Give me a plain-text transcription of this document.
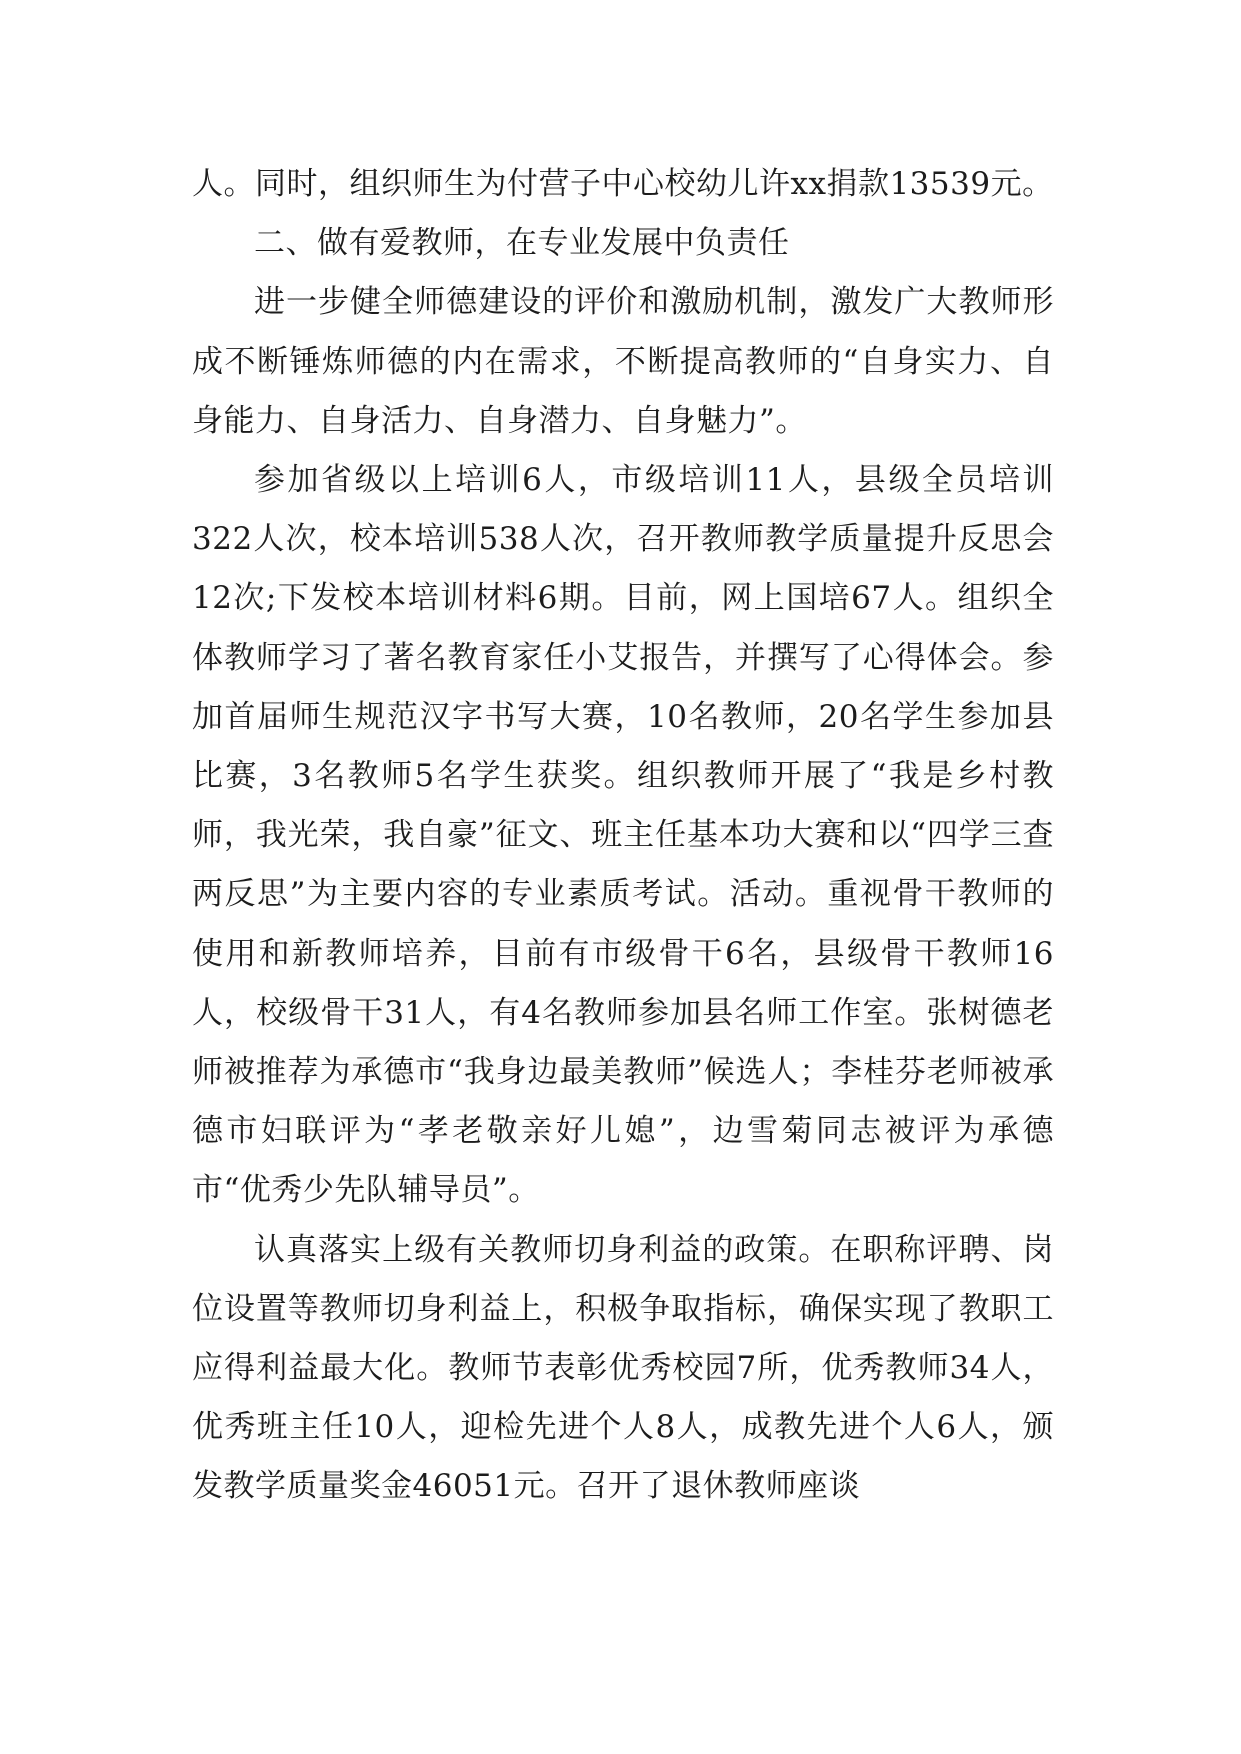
人。同时，组织师生为付营子中心校幼儿许xx捐款13539元。

二、做有爱教师，在专业发展中负责任

进一步健全师德建设的评价和激励机制，激发广大教师形成不断锤炼师德的内在需求，不断提高教师的“自身实力、自身能力、自身活力、自身潜力、自身魅力”。

参加省级以上培训6人，市级培训11人，县级全员培训322人次，校本培训538人次，召开教师教学质量提升反思会12次;下发校本培训材料6期。目前，网上国培67人。组织全体教师学习了著名教育家任小艾报告，并撰写了心得体会。参加首届师生规范汉字书写大赛，10名教师，20名学生参加县比赛，3名教师5名学生获奖。组织教师开展了“我是乡村教师，我光荣，我自豪”征文、班主任基本功大赛和以“四学三查两反思”为主要内容的专业素质考试。活动。重视骨干教师的使用和新教师培养，目前有市级骨干6名，县级骨干教师16人，校级骨干31人，有4名教师参加县名师工作室。张树德老师被推荐为承德市“我身边最美教师”候选人；李桂芬老师被承德市妇联评为“孝老敬亲好儿媳”，边雪菊同志被评为承德市“优秀少先队辅导员”。

认真落实上级有关教师切身利益的政策。在职称评聘、岗位设置等教师切身利益上，积极争取指标，确保实现了教职工应得利益最大化。教师节表彰优秀校园7所，优秀教师34人，优秀班主任10人，迎检先进个人8人，成教先进个人6人，颁发教学质量奖金46051元。召开了退休教师座谈
